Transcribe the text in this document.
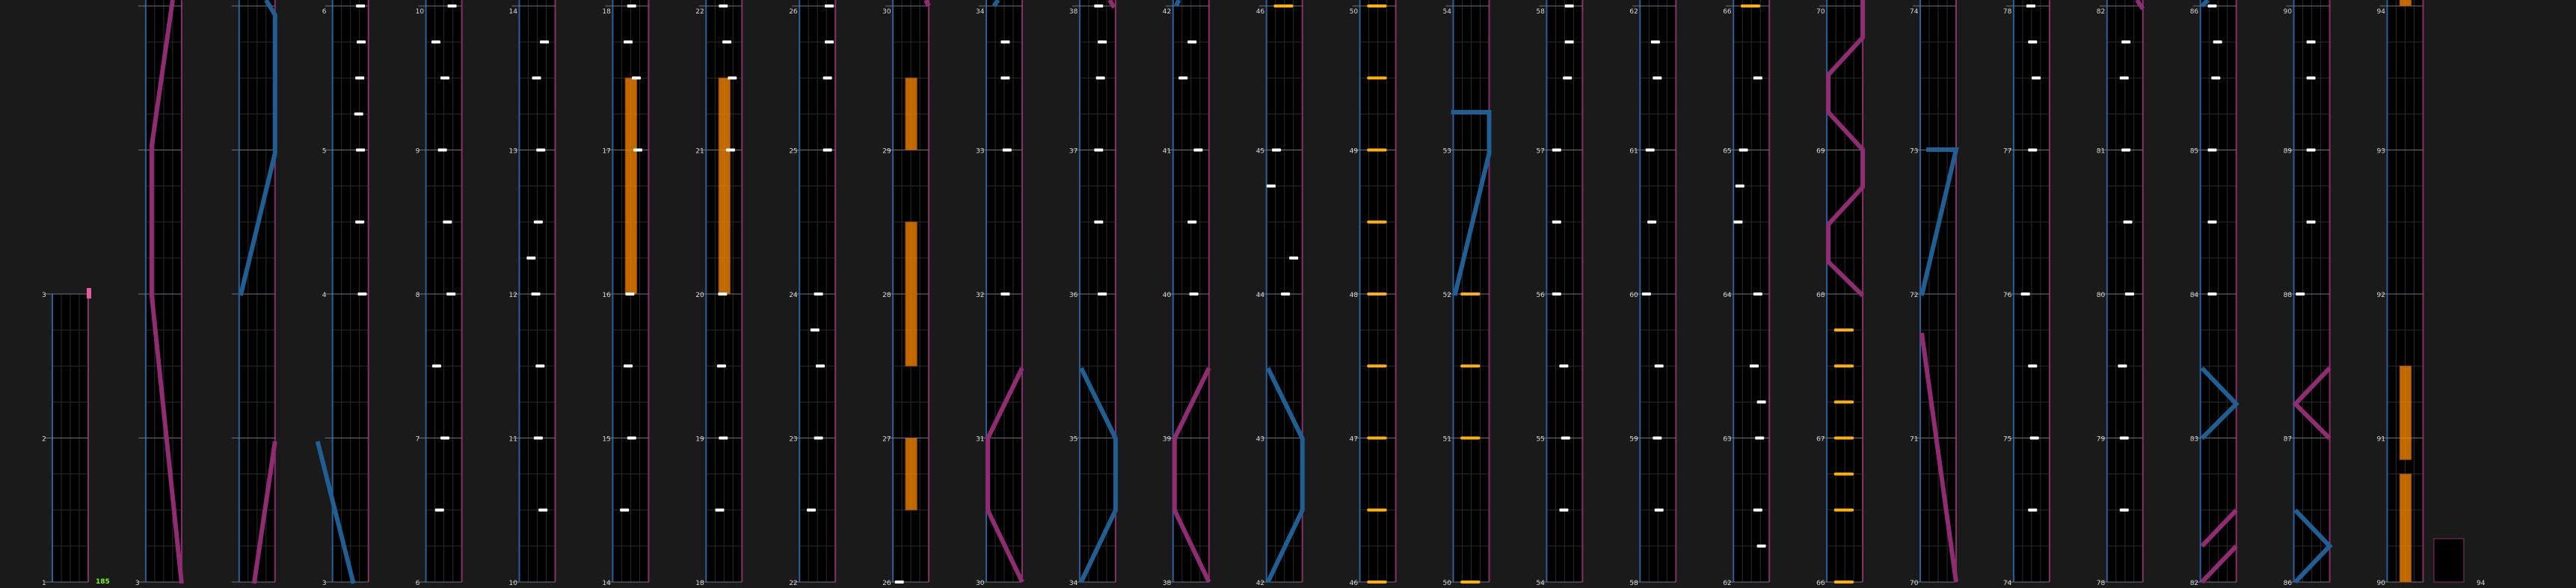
1
2
3
3	3
4
5
6
6
7
8
9
10
10
11
12
13
14
14
15
16
17
18
18
19
20
21
22
22
23
24
25
26
26
27
28
29
30
30
31
32
33
34
34
35
36
37
38
38
39
40
41
42
42
43
44
45
46
46
47
48
49
50
50
51
52
53
54
54
55
56
57
58
58
59
60
61
62
62
63
64
65
66
66
67
68
69
70
70
71
72
73
74
74
75
76
77
78
78
79
80
81
82
82
83
84
85
86
86
87
88
89
90
90
91
92
93
94
94
185
